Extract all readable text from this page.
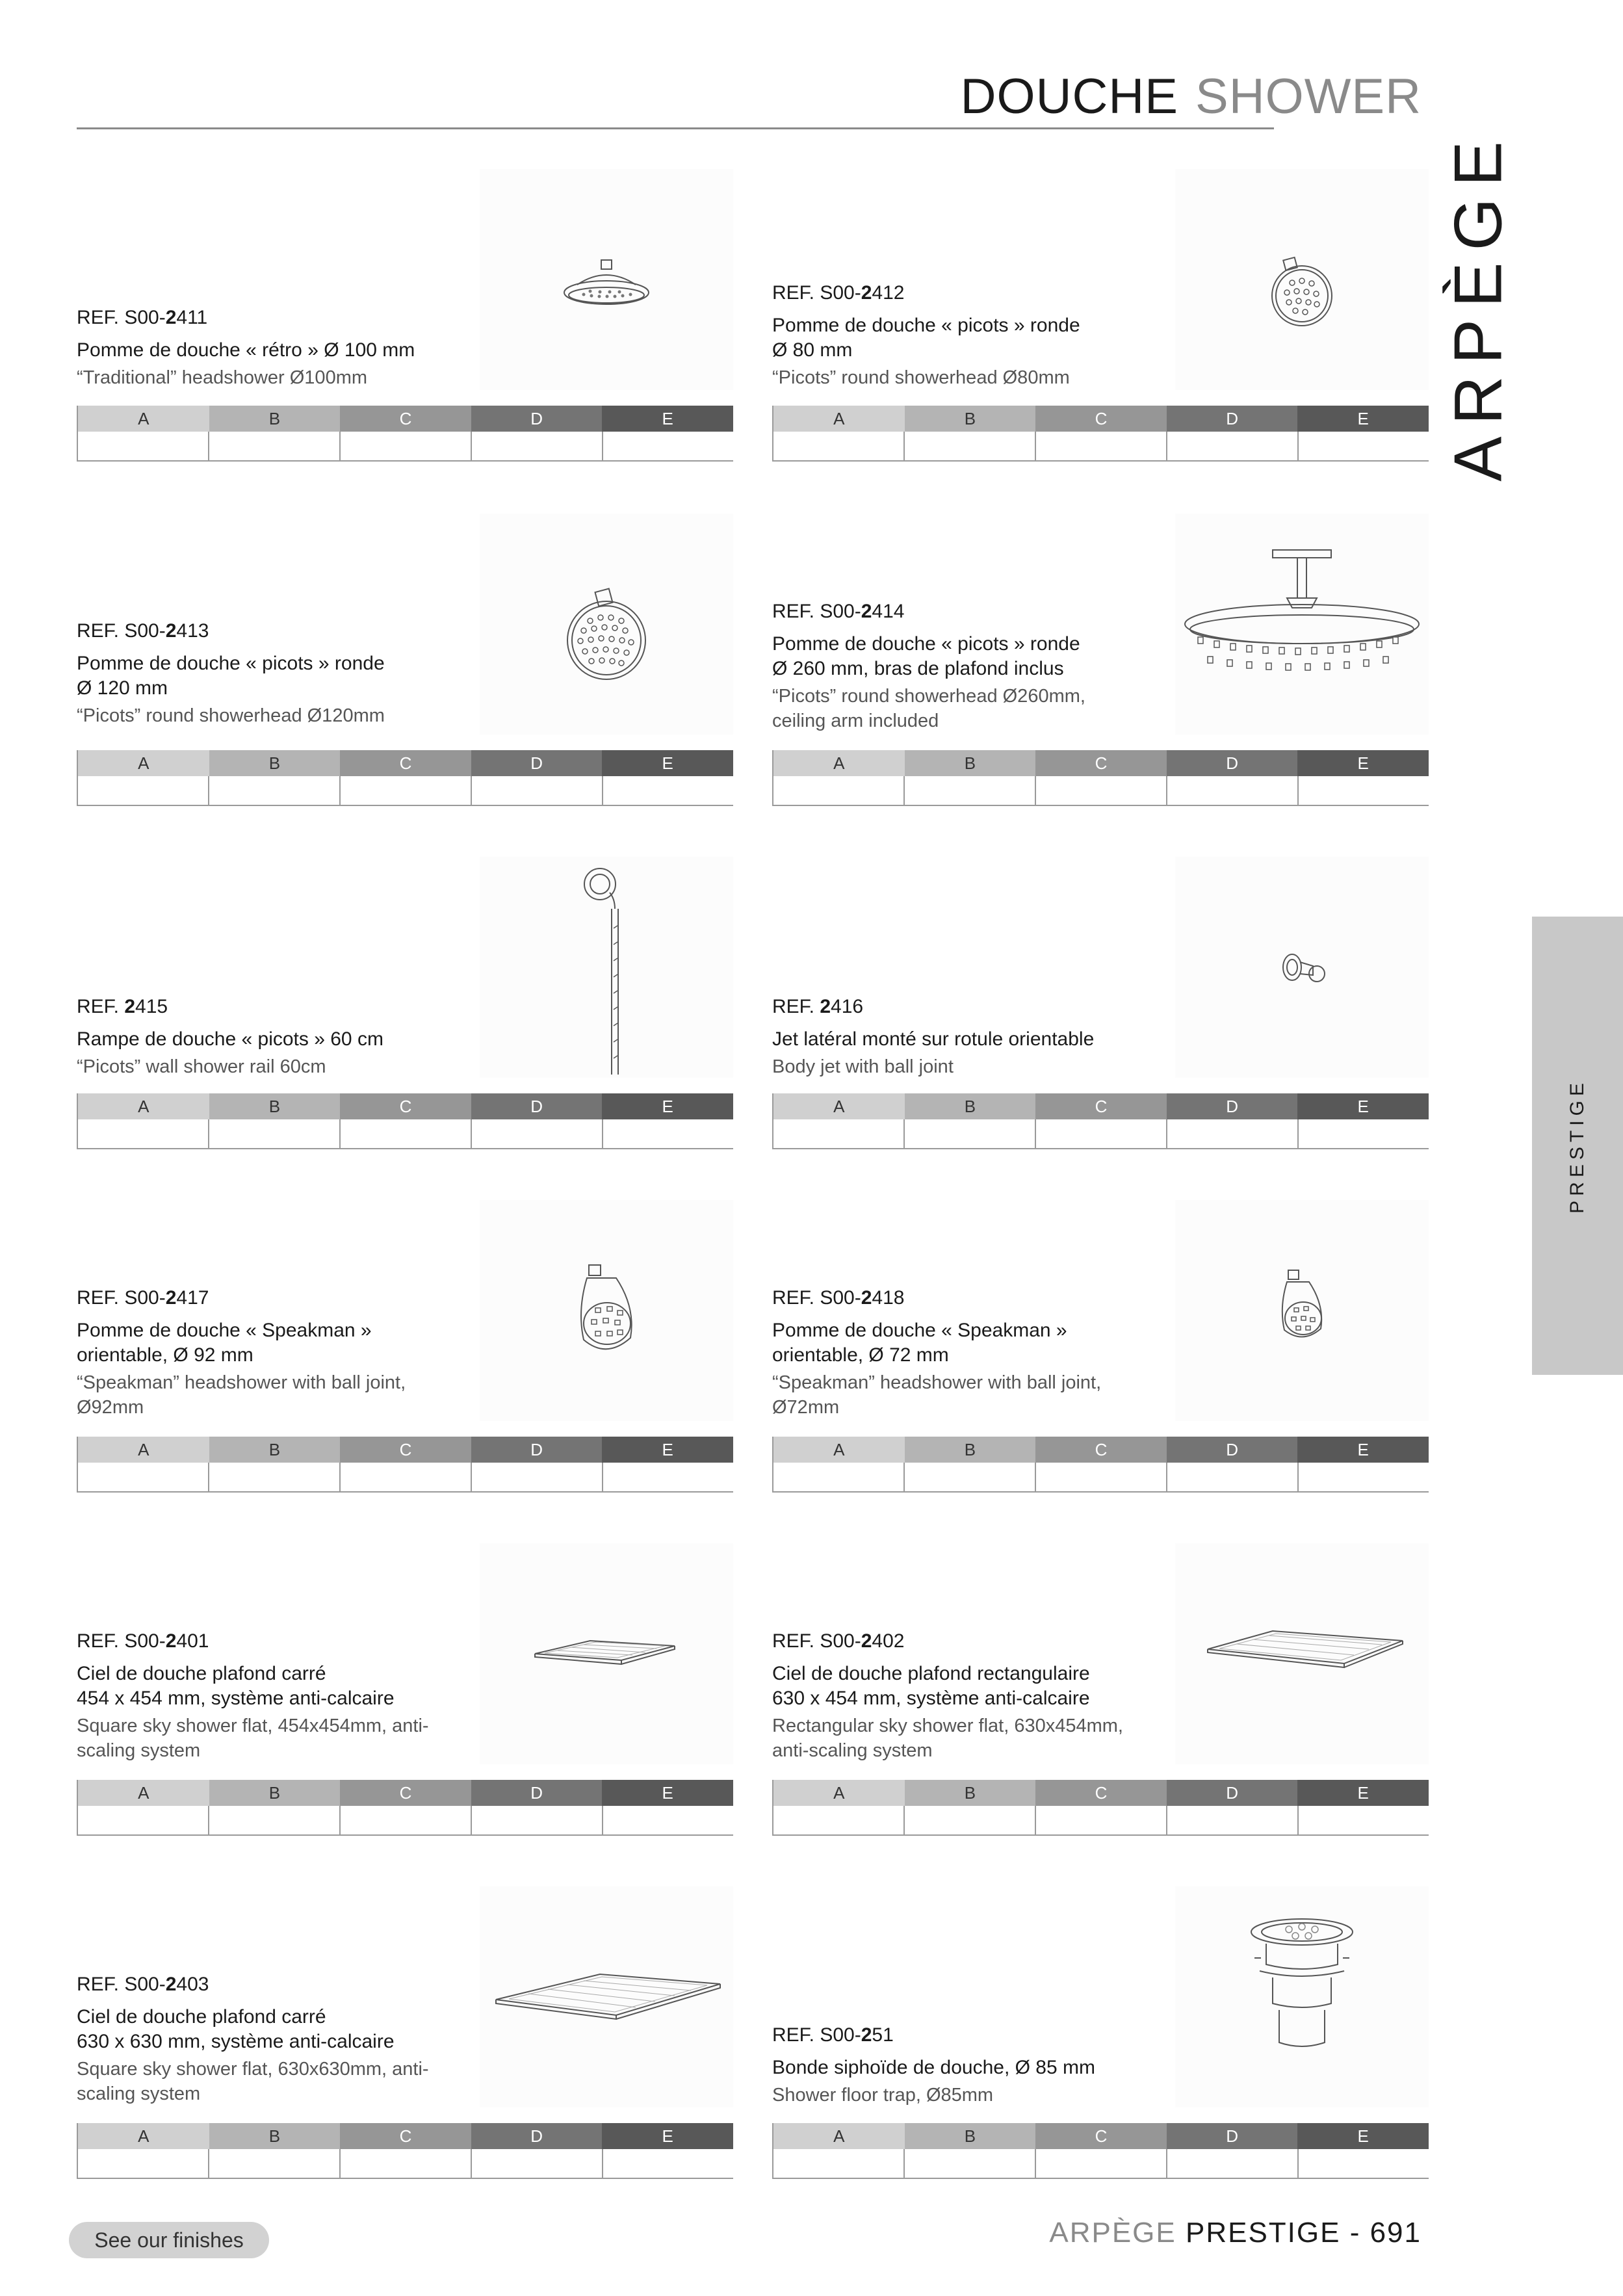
DOUCHE SHOWER
ARPÈGE
PRESTIGE
REF. S00-2411
Pomme de douche « rétro » Ø 100 mm
“Traditional” headshower Ø100mm
A	B	C	D	E
REF. S00-2412
Pomme de douche « picots » ronde
Ø 80 mm
“Picots” round showerhead Ø80mm
A	B	C	D	E
REF. S00-2413
Pomme de douche « picots » ronde
Ø 120 mm
“Picots” round showerhead Ø120mm
A	B	C	D	E
REF. S00-2414
Pomme de douche « picots » ronde
Ø 260 mm, bras de plafond inclus
“Picots” round showerhead Ø260mm,
ceiling arm included
A	B	C	D	E
REF. 2415
Rampe de douche « picots » 60 cm
“Picots” wall shower rail 60cm
A	B	C	D	E
REF. 2416
Jet latéral monté sur rotule orientable
Body jet with ball joint
A	B	C	D	E
REF. S00-2417
Pomme de douche « Speakman »
orientable, Ø 92 mm
“Speakman” headshower with ball joint,
Ø92mm
A	B	C	D	E
REF. S00-2418
Pomme de douche « Speakman »
orientable, Ø 72 mm
“Speakman” headshower with ball joint,
Ø72mm
A	B	C	D	E
REF. S00-2401
Ciel de douche plafond carré
454 x 454 mm, système anti-calcaire
Square sky shower flat, 454x454mm, anti-
scaling system
A	B	C	D	E
REF. S00-2402
Ciel de douche plafond rectangulaire
630 x 454 mm, système anti-calcaire
Rectangular sky shower flat, 630x454mm,
anti-scaling system
A	B	C	D	E
REF. S00-2403
Ciel de douche plafond carré
630 x 630 mm, système anti-calcaire
Square sky shower flat, 630x630mm, anti-
scaling system
A	B	C	D	E
REF. S00-251
Bonde siphoïde de douche, Ø 85 mm
Shower floor trap, Ø85mm
A	B	C	D	E
See our finishes	ARPÈGE PRESTIGE - 691
